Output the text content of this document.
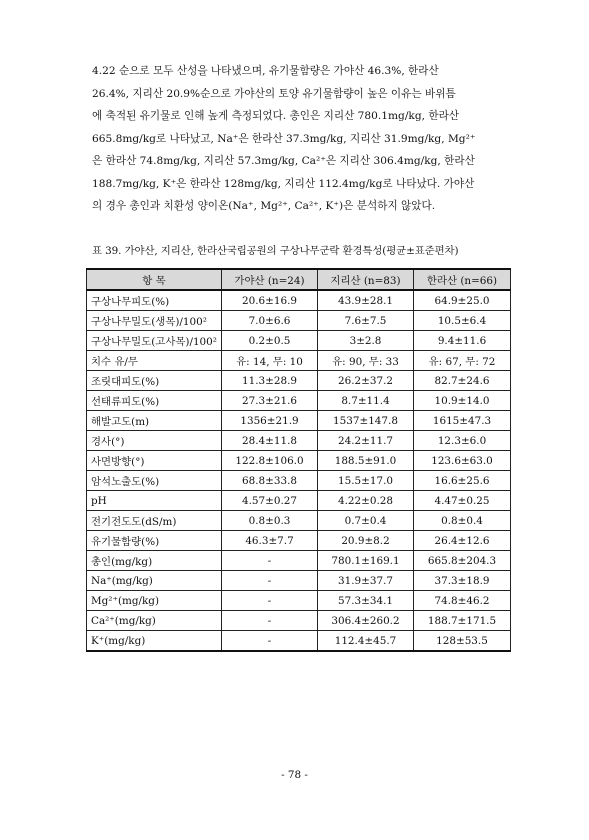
4.22 순으로 모두 산성을 나타냈으며, 유기물함량은 가야산 46.3%, 한라산
26.4%, 지리산 20.9%순으로 가야산의 토양 유기물함량이 높은 이유는 바위틈
에 축적된 유기물로 인해 높게 측정되었다. 총인은 지리산 780.1mg/kg, 한라산
665.8mg/kg로 나타났고, Na⁺은 한라산 37.3mg/kg, 지리산 31.9mg/kg, Mg²⁺
은 한라산 74.8mg/kg, 지리산 57.3mg/kg, Ca²⁺은 지리산 306.4mg/kg, 한라산
188.7mg/kg, K⁺은 한라산 128mg/kg, 지리산 112.4mg/kg로 나타났다. 가야산
의 경우 총인과 치환성 양이온(Na⁺, Mg²⁺, Ca²⁺, K⁺)은 분석하지 않았다.
표 39. 가야산, 지리산, 한라산국립공원의 구상나무군락 환경특성(평균±표준편차)
항 목	가야산 (n=24)	지리산 (n=83)	한라산 (n=66)
구상나무피도(%)	20.6±16.9	43.9±28.1	64.9±25.0
구상나무밀도(생목)/100²	7.0±6.6	7.6±7.5	10.5±6.4
구상나무밀도(고사목)/100²	0.2±0.5	3±2.8	9.4±11.6
치수 유/무	유: 14, 무: 10	유: 90, 무: 33	유: 67, 무: 72
조릿대피도(%)	11.3±28.9	26.2±37.2	82.7±24.6
선태류피도(%)	27.3±21.6	8.7±11.4	10.9±14.0
해발고도(m)	1356±21.9	1537±147.8	1615±47.3
경사(°)	28.4±11.8	24.2±11.7	12.3±6.0
사면방향(°)	122.8±106.0	188.5±91.0	123.6±63.0
암석노출도(%)	68.8±33.8	15.5±17.0	16.6±25.6
pH	4.57±0.27	4.22±0.28	4.47±0.25
전기전도도(dS/m)	0.8±0.3	0.7±0.4	0.8±0.4
유기물함량(%)	46.3±7.7	20.9±8.2	26.4±12.6
총인(mg/kg)	-	780.1±169.1	665.8±204.3
Na⁺(mg/kg)	-	31.9±37.7	37.3±18.9
Mg²⁺(mg/kg)	-	57.3±34.1	74.8±46.2
Ca²⁺(mg/kg)	-	306.4±260.2	188.7±171.5
K⁺(mg/kg)	-	112.4±45.7	128±53.5
- 78 -
